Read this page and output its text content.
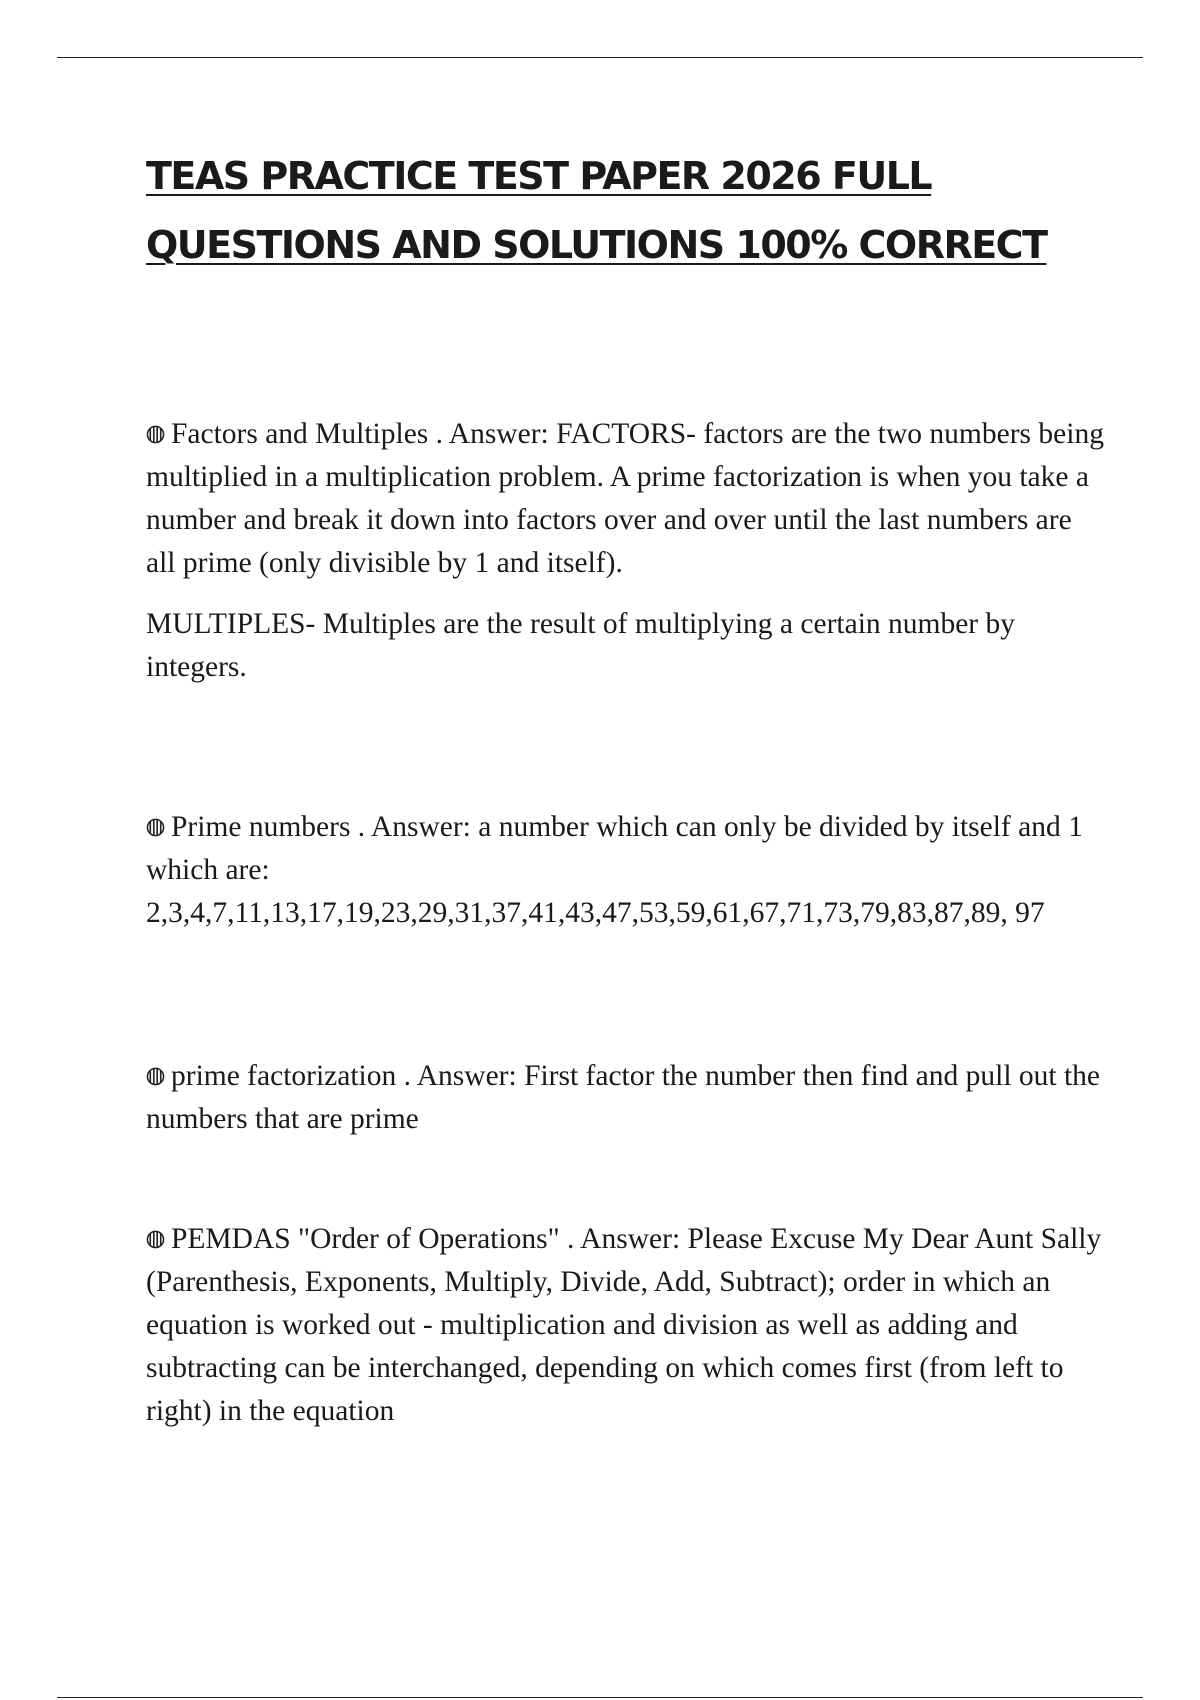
TEAS PRACTICE TEST PAPER 2026 FULL QUESTIONS AND SOLUTIONS 100% CORRECT

Factors and Multiples . Answer: FACTORS- factors are the two numbers being multiplied in a multiplication problem. A prime factorization is when you take a number and break it down into factors over and over until the last numbers are all prime (only divisible by 1 and itself).

MULTIPLES- Multiples are the result of multiplying a certain number by integers.

Prime numbers . Answer: a number which can only be divided by itself and 1 which are: 2,3,4,7,11,13,17,19,23,29,31,37,41,43,47,53,59,61,67,71,73,79,83,87,89, 97

prime factorization . Answer: First factor the number then find and pull out the numbers that are prime

PEMDAS "Order of Operations" . Answer: Please Excuse My Dear Aunt Sally (Parenthesis, Exponents, Multiply, Divide, Add, Subtract); order in which an equation is worked out - multiplication and division as well as adding and subtracting can be interchanged, depending on which comes first (from left to right) in the equation
